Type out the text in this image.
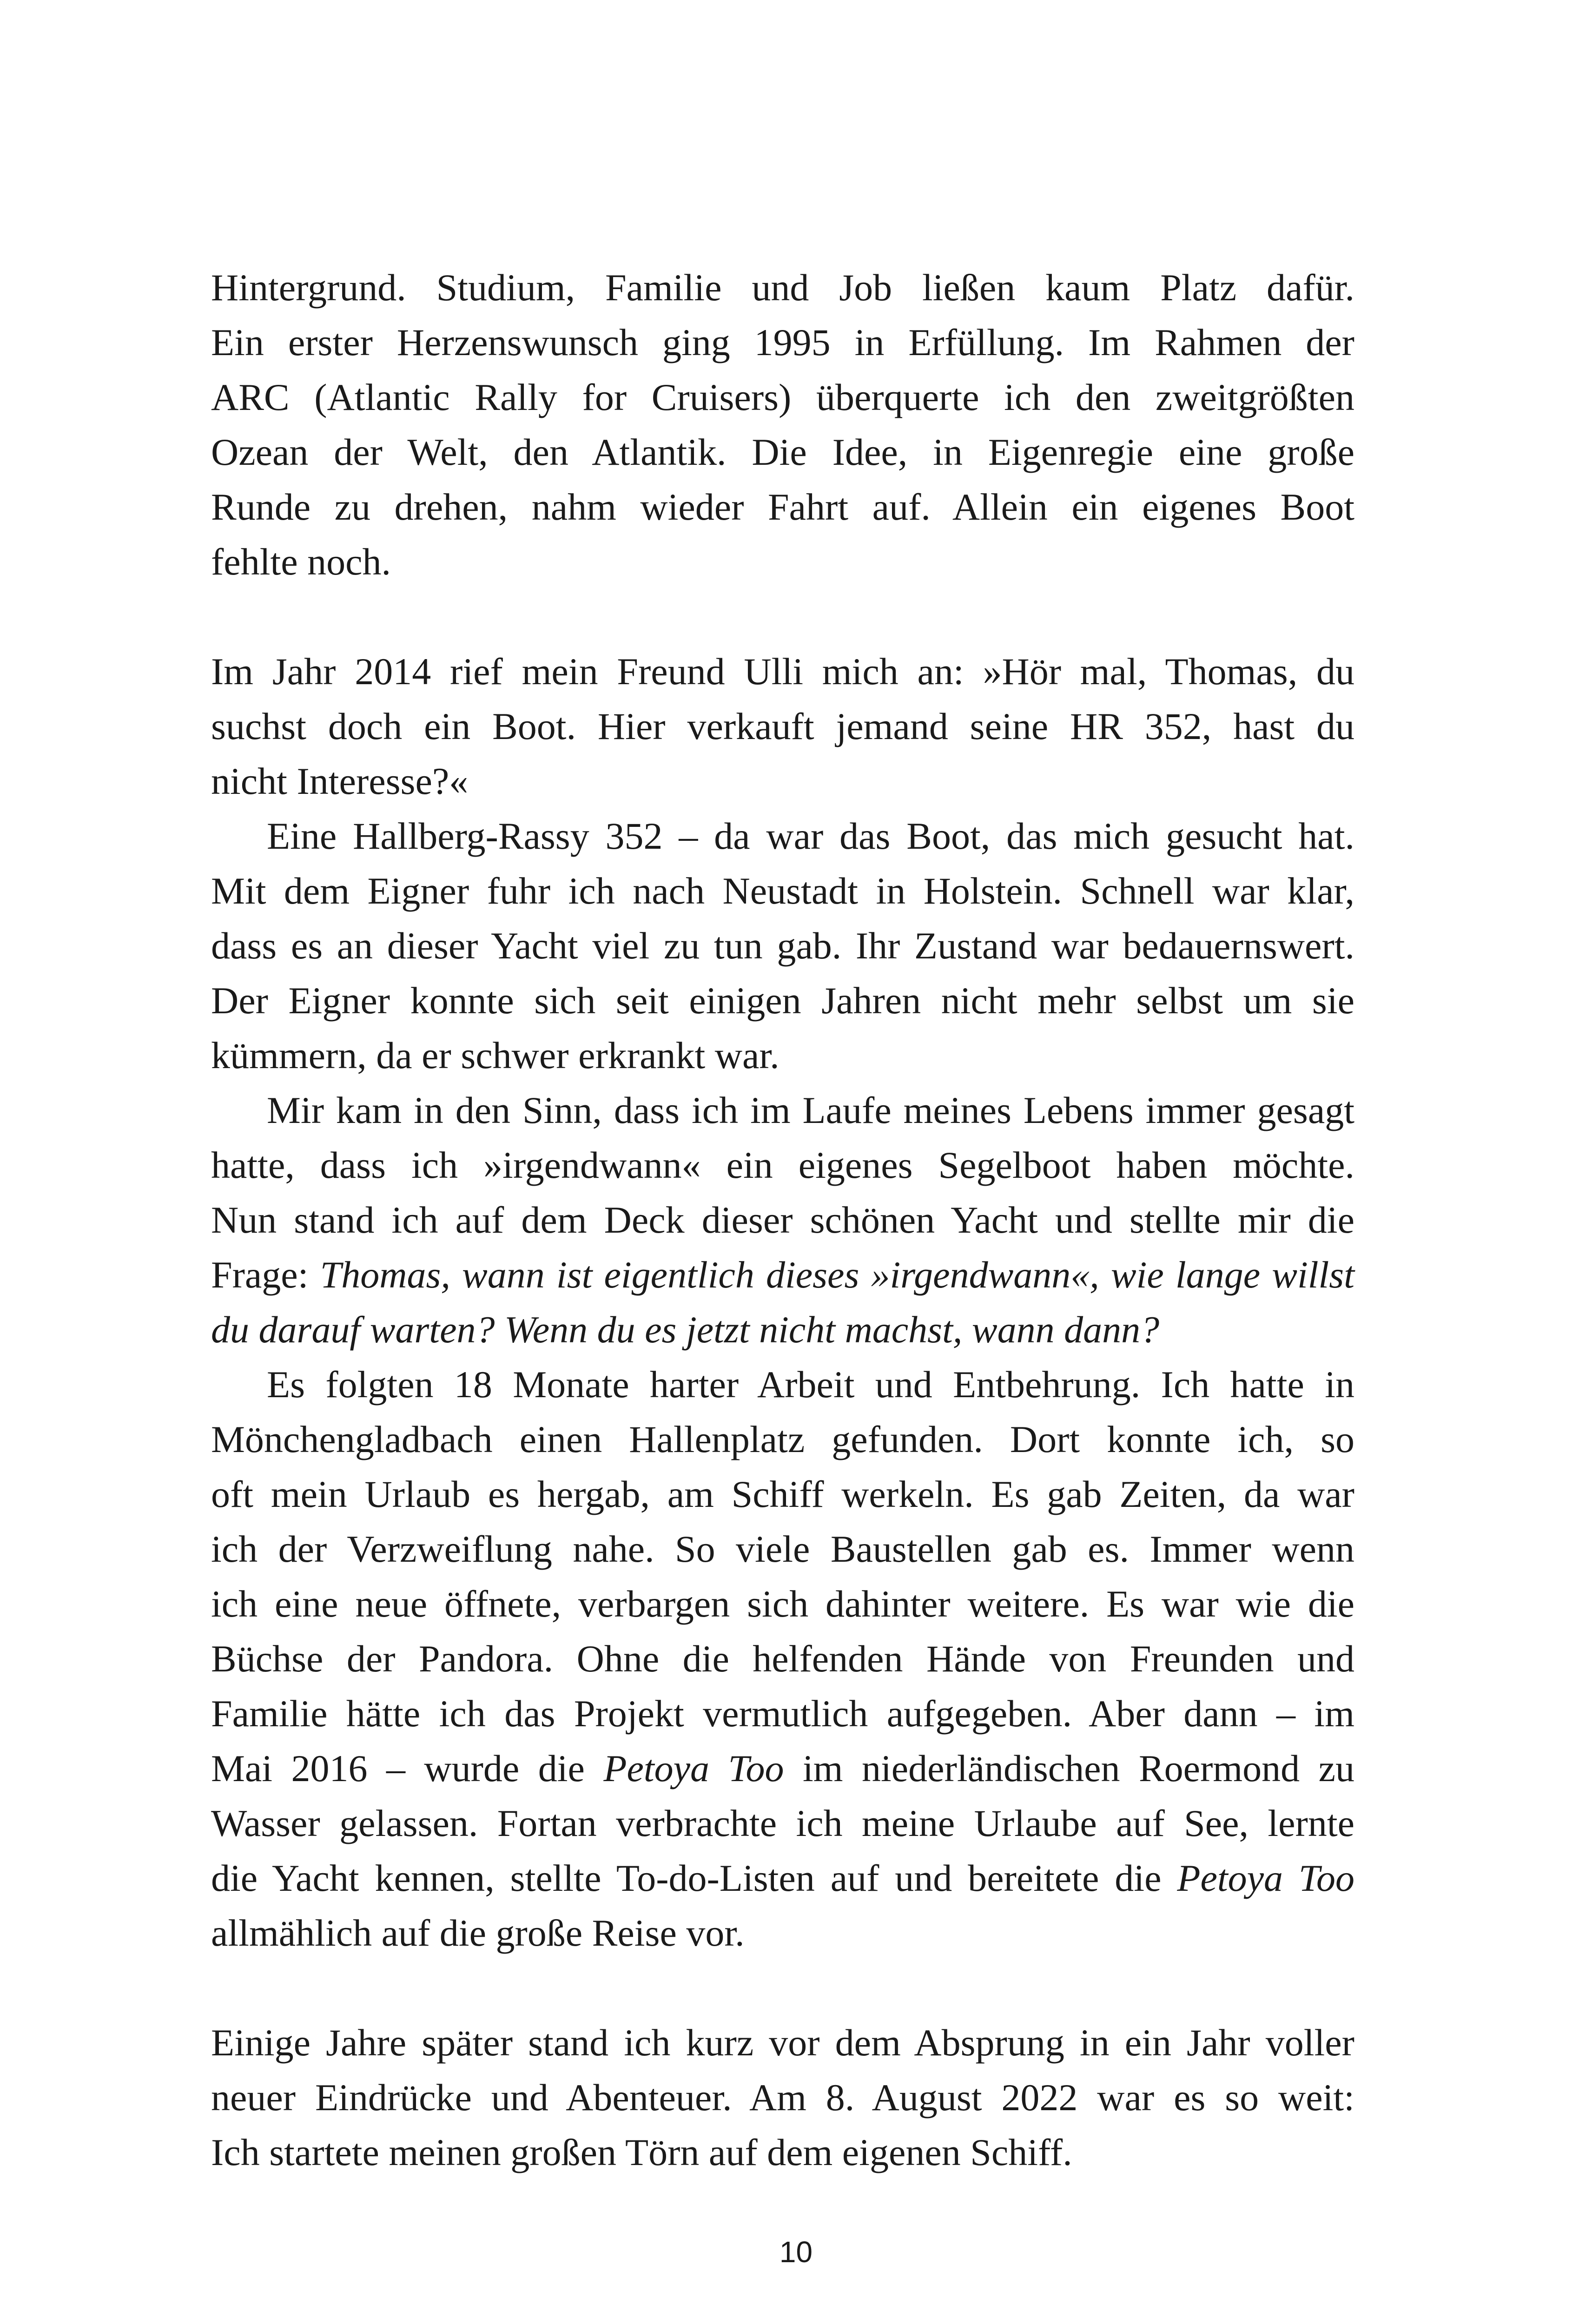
Hintergrund. Studium, Familie und Job ließen kaum Platz dafür.
Ein erster Herzenswunsch ging 1995 in Erfüllung. Im Rahmen der
ARC (Atlantic Rally for Cruisers) überquerte ich den zweitgrößten
Ozean der Welt, den Atlantik. Die Idee, in Eigenregie eine große
Runde zu drehen, nahm wieder Fahrt auf. Allein ein eigenes Boot
fehlte noch.
Im Jahr 2014 rief mein Freund Ulli mich an: »Hör mal, Thomas, du
suchst doch ein Boot. Hier verkauft jemand seine HR 352, hast du
nicht Interesse?«
Eine Hallberg-Rassy 352 – da war das Boot, das mich gesucht hat.
Mit dem Eigner fuhr ich nach Neustadt in Holstein. Schnell war klar,
dass es an dieser Yacht viel zu tun gab. Ihr Zustand war bedauernswert.
Der Eigner konnte sich seit einigen Jahren nicht mehr selbst um sie
kümmern, da er schwer erkrankt war.
Mir kam in den Sinn, dass ich im Laufe meines Lebens immer gesagt
hatte, dass ich »irgendwann« ein eigenes Segelboot haben möchte.
Nun stand ich auf dem Deck dieser schönen Yacht und stellte mir die
Frage: Thomas, wann ist eigentlich dieses »irgendwann«, wie lange willst
du darauf warten? Wenn du es jetzt nicht machst, wann dann?
Es folgten 18 Monate harter Arbeit und Entbehrung. Ich hatte in
Mönchengladbach einen Hallenplatz gefunden. Dort konnte ich, so
oft mein Urlaub es hergab, am Schiff werkeln. Es gab Zeiten, da war
ich der Verzweiflung nahe. So viele Baustellen gab es. Immer wenn
ich eine neue öffnete, verbargen sich dahinter weitere. Es war wie die
Büchse der Pandora. Ohne die helfenden Hände von Freunden und
Familie hätte ich das Projekt vermutlich aufgegeben. Aber dann – im
Mai 2016 – wurde die Petoya Too im niederländischen Roermond zu
Wasser gelassen. Fortan verbrachte ich meine Urlaube auf See, lernte
die Yacht kennen, stellte To-do-Listen auf und bereitete die Petoya Too
allmählich auf die große Reise vor.
Einige Jahre später stand ich kurz vor dem Absprung in ein Jahr voller
neuer Eindrücke und Abenteuer. Am 8. August 2022 war es so weit:
Ich startete meinen großen Törn auf dem eigenen Schiff.
10
